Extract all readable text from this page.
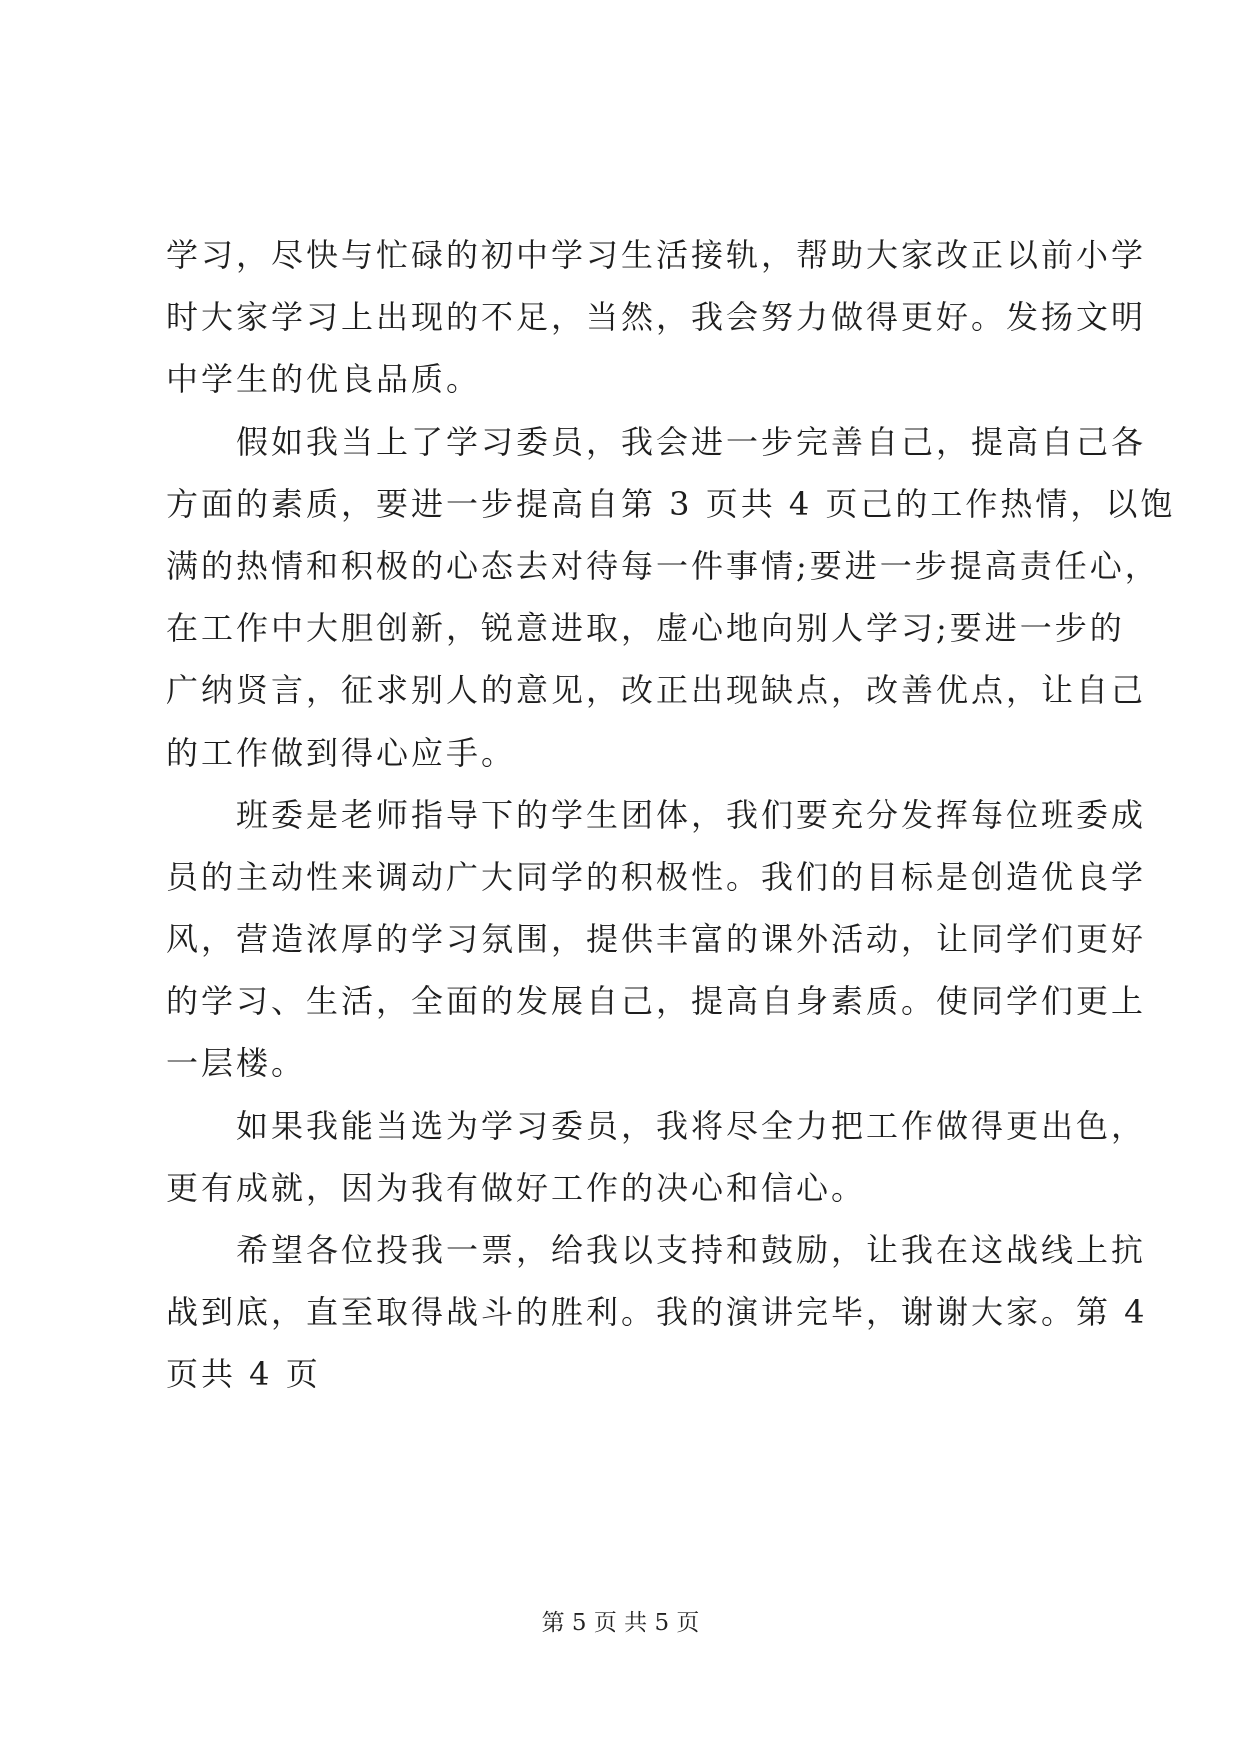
学习，尽快与忙碌的初中学习生活接轨，帮助大家改正以前小学
时大家学习上出现的不足，当然，我会努力做得更好。发扬文明
中学生的优良品质。
　　假如我当上了学习委员，我会进一步完善自己，提高自己各
方面的素质，要进一步提高自第 3 页共 4 页己的工作热情，以饱
满的热情和积极的心态去对待每一件事情;要进一步提高责任心，
在工作中大胆创新，锐意进取，虚心地向别人学习;要进一步的
广纳贤言，征求别人的意见，改正出现缺点，改善优点，让自己
的工作做到得心应手。
　　班委是老师指导下的学生团体，我们要充分发挥每位班委成
员的主动性来调动广大同学的积极性。我们的目标是创造优良学
风，营造浓厚的学习氛围，提供丰富的课外活动，让同学们更好
的学习、生活，全面的发展自己，提高自身素质。使同学们更上
一层楼。
　　如果我能当选为学习委员，我将尽全力把工作做得更出色，
更有成就，因为我有做好工作的决心和信心。
　　希望各位投我一票，给我以支持和鼓励，让我在这战线上抗
战到底，直至取得战斗的胜利。我的演讲完毕，谢谢大家。第 4
页共 4 页
第 5 页 共 5 页
